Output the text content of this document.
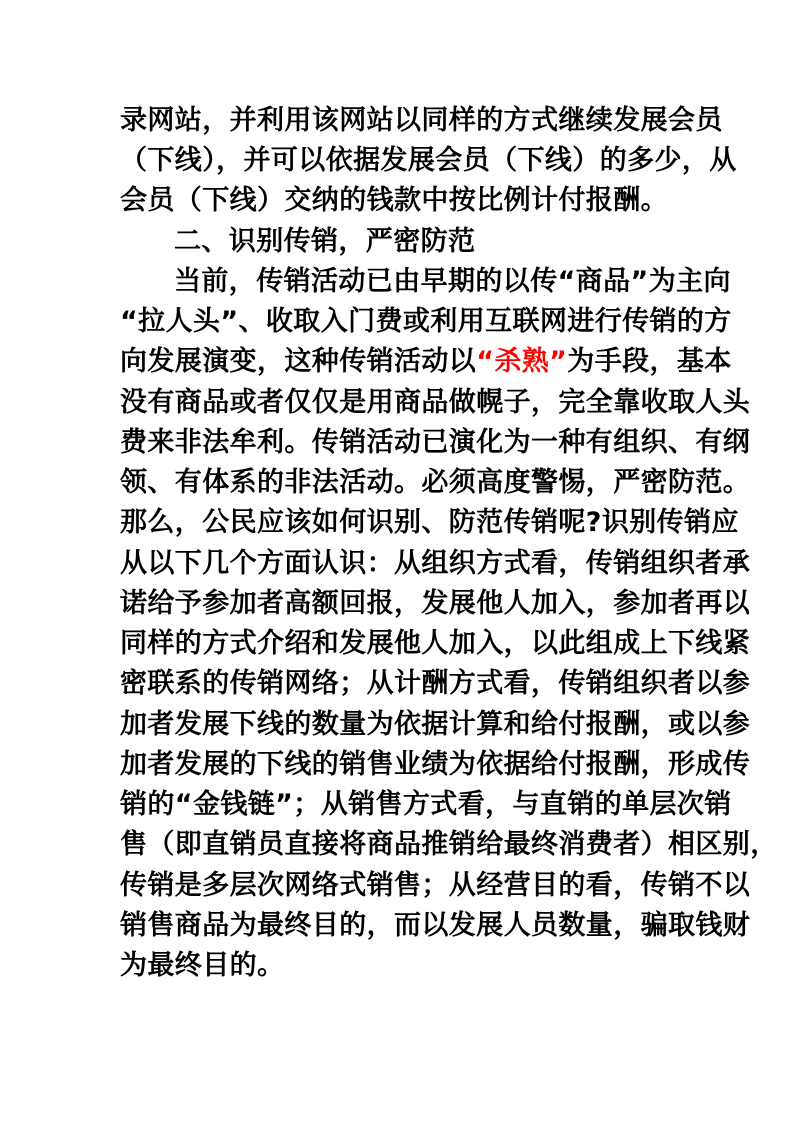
录网站，并利用该网站以同样的方式继续发展会员
（下线），并可以依据发展会员（下线）的多少，从
会员（下线）交纳的钱款中按比例计付报酬。
二、识别传销，严密防范
当前，传销活动已由早期的以传“商品”为主向
“拉人头”、收取入门费或利用互联网进行传销的方
向发展演变，这种传销活动以“杀熟”为手段，基本
没有商品或者仅仅是用商品做幌子，完全靠收取人头
费来非法牟利。传销活动已演化为一种有组织、有纲
领、有体系的非法活动。必须高度警惕，严密防范。
那么，公民应该如何识别、防范传销呢?识别传销应
从以下几个方面认识：从组织方式看，传销组织者承
诺给予参加者高额回报，发展他人加入，参加者再以
同样的方式介绍和发展他人加入，以此组成上下线紧
密联系的传销网络；从计酬方式看，传销组织者以参
加者发展下线的数量为依据计算和给付报酬，或以参
加者发展的下线的销售业绩为依据给付报酬，形成传
销的“金钱链”；从销售方式看，与直销的单层次销
售（即直销员直接将商品推销给最终消费者）相区别，
传销是多层次网络式销售；从经营目的看，传销不以
销售商品为最终目的，而以发展人员数量，骗取钱财
为最终目的。
